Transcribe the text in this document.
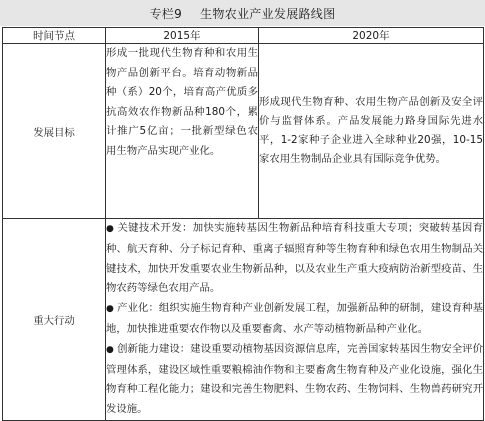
专栏9 生物农业产业发展路线图
时间节点	2015年	2020年
发展目标	形成一批现代生物育种和农用生物产品创新平台。培育动物新品种（系）20个，培育高产优质多抗高效农作物新品种180个，累计推广5亿亩；一批新型绿色农用生物产品实现产业化。	形成现代生物育种、农用生物产品创新及安全评价与监督体系。产品发展能力路身国际先进水平，1-2家种子企业进入全球种业20强，10-15家农用生物制品企业具有国际竞争优势。
重大行动	● 关键技术开发：加快实施转基因生物新品种培育科技重大专项；突破转基因育种、航天育种、分子标记育种、重离子辐照育种等生物育种和绿色农用生物制品关键技术，加快开发重要农业生物新品种，以及农业生产重大疫病防治新型疫苗、生物农药等绿色农用产品。

● 产业化：组织实施生物育种产业创新发展工程，加强新品种的研制，建设育种基地，加快推进重要农作物以及重要畜禽、水产等动植物新品种产业化。

● 创新能力建设：建设重要动植物基因资源信息库，完善国家转基因生物安全评价管理体系，建设区域性重要粮棉油作物和主要畜禽生物育种及产业化设施，强化生物育种工程化能力；建设和完善生物肥料、生物农药、生物饲料、生物兽药研究开发设施。	
